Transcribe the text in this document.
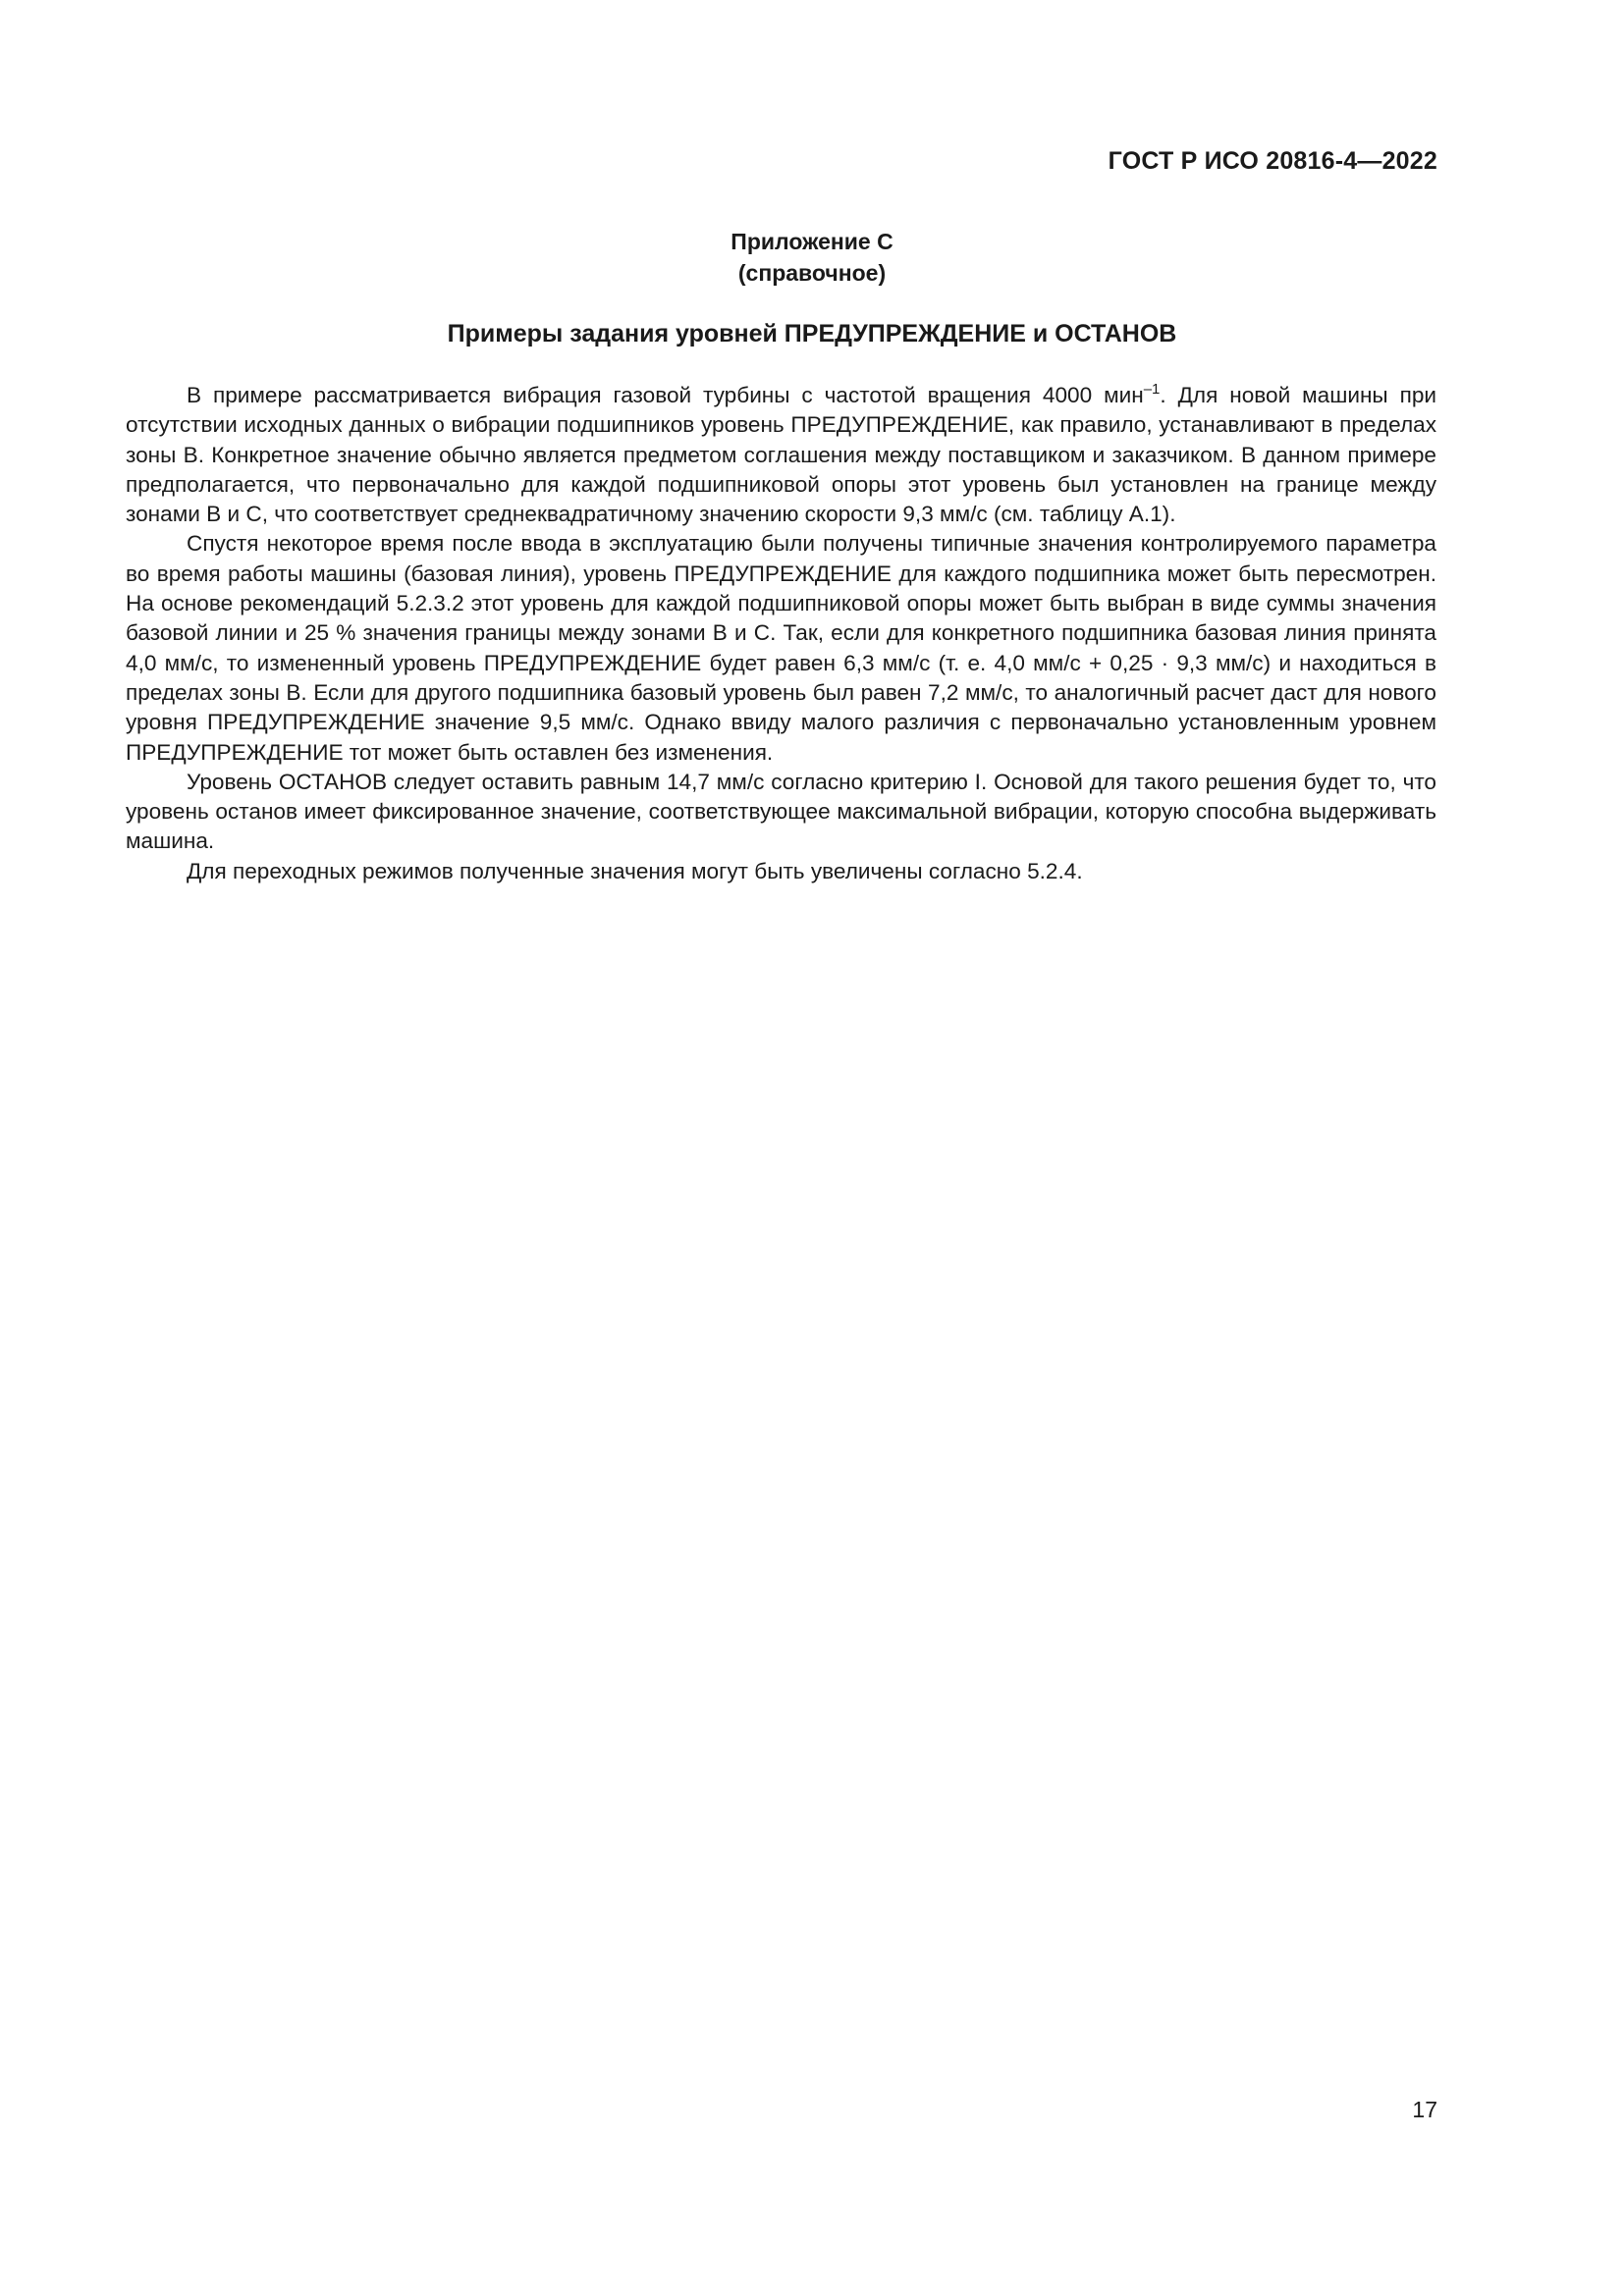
ГОСТ Р ИСО 20816-4—2022
Приложение С
(справочное)
Примеры задания уровней ПРЕДУПРЕЖДЕНИЕ и ОСТАНОВ

В примере рассматривается вибрация газовой турбины с частотой вращения 4000 мин$^{-1}$. Для новой машины при отсутствии исходных данных о вибрации подшипников уровень ПРЕДУПРЕЖДЕНИЕ, как правило, устанавливают в пределах зоны В. Конкретное значение обычно является предметом соглашения между поставщиком и заказчиком. В данном примере предполагается, что первоначально для каждой подшипниковой опоры этот уровень был установлен на границе между зонами В и С, что соответствует среднеквадратичному значению скорости 9,3 мм/с (см. таблицу А.1).

Спустя некоторое время после ввода в эксплуатацию были получены типичные значения контролируемого параметра во время работы машины (базовая линия), уровень ПРЕДУПРЕЖДЕНИЕ для каждого подшипника может быть пересмотрен. На основе рекомендаций 5.2.3.2 этот уровень для каждой подшипниковой опоры может быть выбран в виде суммы значения базовой линии и 25 % значения границы между зонами В и С. Так, если для конкретного подшипника базовая линия принята 4,0 мм/с, то измененный уровень ПРЕДУПРЕЖДЕНИЕ будет равен 6,3 мм/с (т. е. 4,0 мм/с + 0,25 · 9,3 мм/с) и находиться в пределах зоны В. Если для другого подшипника базовый уровень был равен 7,2 мм/с, то аналогичный расчет даст для нового уровня ПРЕДУПРЕЖДЕНИЕ значение 9,5 мм/с. Однако ввиду малого различия с первоначально установленным уровнем ПРЕДУПРЕЖДЕНИЕ тот может быть оставлен без изменения.

Уровень ОСТАНОВ следует оставить равным 14,7 мм/с согласно критерию I. Основой для такого решения будет то, что уровень останов имеет фиксированное значение, соответствующее максимальной вибрации, которую способна выдерживать машина.

Для переходных режимов полученные значения могут быть увеличены согласно 5.2.4.

17
